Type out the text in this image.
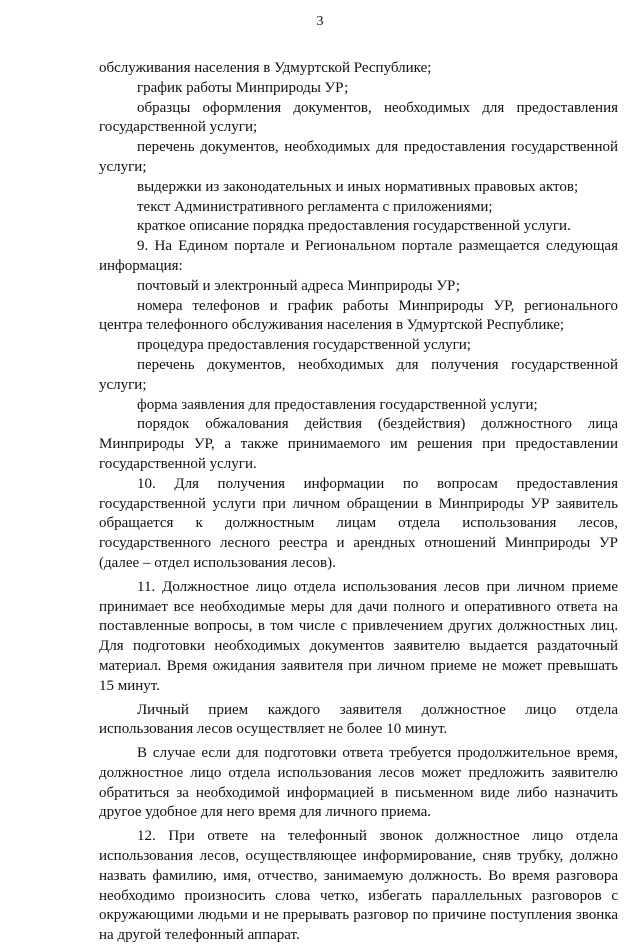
3

обслуживания населения в Удмуртской Республике;

график работы Минприроды УР;

образцы оформления документов, необходимых для предоставления государственной услуги;

перечень документов, необходимых для предоставления государственной услуги;

выдержки из законодательных и иных нормативных правовых актов;

текст Административного регламента с приложениями;

краткое описание порядка предоставления государственной услуги.

9. На Едином портале и Региональном портале размещается следующая информация:

почтовый и электронный адреса Минприроды УР;

номера телефонов и график работы Минприроды УР, регионального центра телефонного обслуживания населения в Удмуртской Республике;

процедура предоставления государственной услуги;

перечень документов, необходимых для получения государственной услуги;

форма заявления для предоставления государственной услуги;

порядок обжалования действия (бездействия) должностного лица Минприроды УР, а также принимаемого им решения при предоставлении государственной услуги.

10. Для получения информации по вопросам предоставления государственной услуги при личном обращении в Минприроды УР заявитель обращается к должностным лицам отдела использования лесов, государственного лесного реестра и арендных отношений Минприроды УР (далее – отдел использования лесов).

11. Должностное лицо отдела использования лесов при личном приеме принимает все необходимые меры для дачи полного и оперативного ответа на поставленные вопросы, в том числе с привлечением других должностных лиц. Для подготовки необходимых документов заявителю выдается раздаточный материал. Время ожидания заявителя при личном приеме не может превышать 15 минут.

Личный прием каждого заявителя должностное лицо отдела использования лесов осуществляет не более 10 минут.

В случае если для подготовки ответа требуется продолжительное время, должностное лицо отдела использования лесов может предложить заявителю обратиться за необходимой информацией в письменном виде либо назначить другое удобное для него время для личного приема.

12. При ответе на телефонный звонок должностное лицо отдела использования лесов, осуществляющее информирование, сняв трубку, должно назвать фамилию, имя, отчество, занимаемую должность. Во время разговора необходимо произносить слова четко, избегать параллельных разговоров с окружающими людьми и не прерывать разговор по причине поступления звонка на другой телефонный аппарат.
